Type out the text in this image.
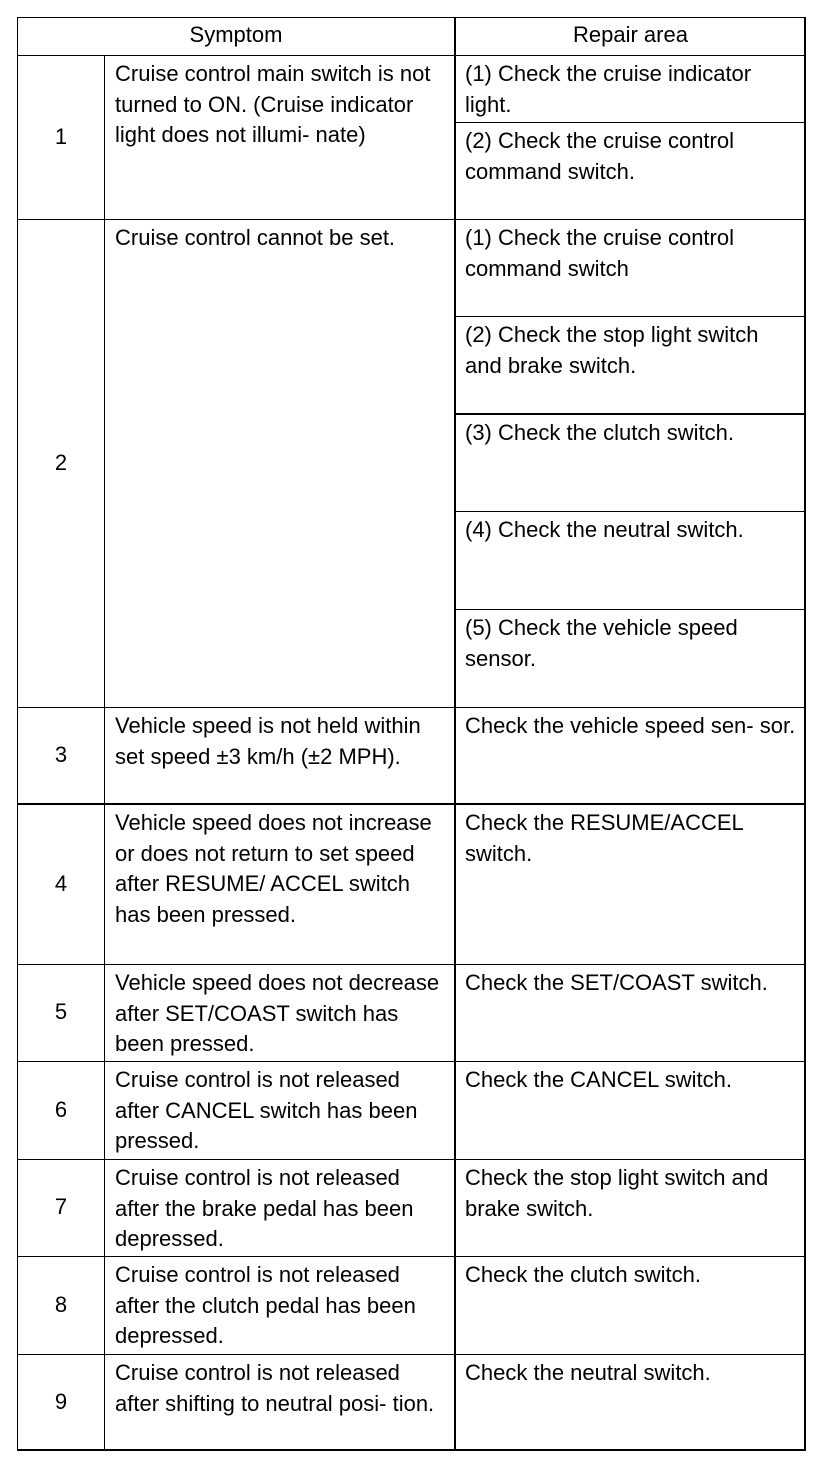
Symptom	Repair area
1
Cruise control main switch is not turned to ON. (Cruise indicator light does not illumi- nate)
(1) Check the cruise indicator light.
(2) Check the cruise control command switch.
2
Cruise control cannot be set.	(1) Check the cruise control command switch
(2) Check the stop light switch and brake switch.
(3) Check the clutch switch.
(4) Check the neutral switch.
(5) Check the vehicle speed sensor.
3
Vehicle speed is not held within set speed ±3 km/h (±2 MPH).
Check the vehicle speed sen- sor.
4
Vehicle speed does not increase or does not return to set speed after RESUME/ ACCEL switch has been pressed.
Check the RESUME/ACCEL switch.
5
Vehicle speed does not decrease after SET/COAST switch has been pressed.
Check the SET/COAST switch.
6
Cruise control is not released after CANCEL switch has been pressed.
Check the CANCEL switch.
7
Cruise control is not released after the brake pedal has been depressed.
Check the stop light switch and brake switch.
8
Cruise control is not released after the clutch pedal has been depressed.
Check the clutch switch.
9
Cruise control is not released after shifting to neutral posi- tion.
Check the neutral switch.
